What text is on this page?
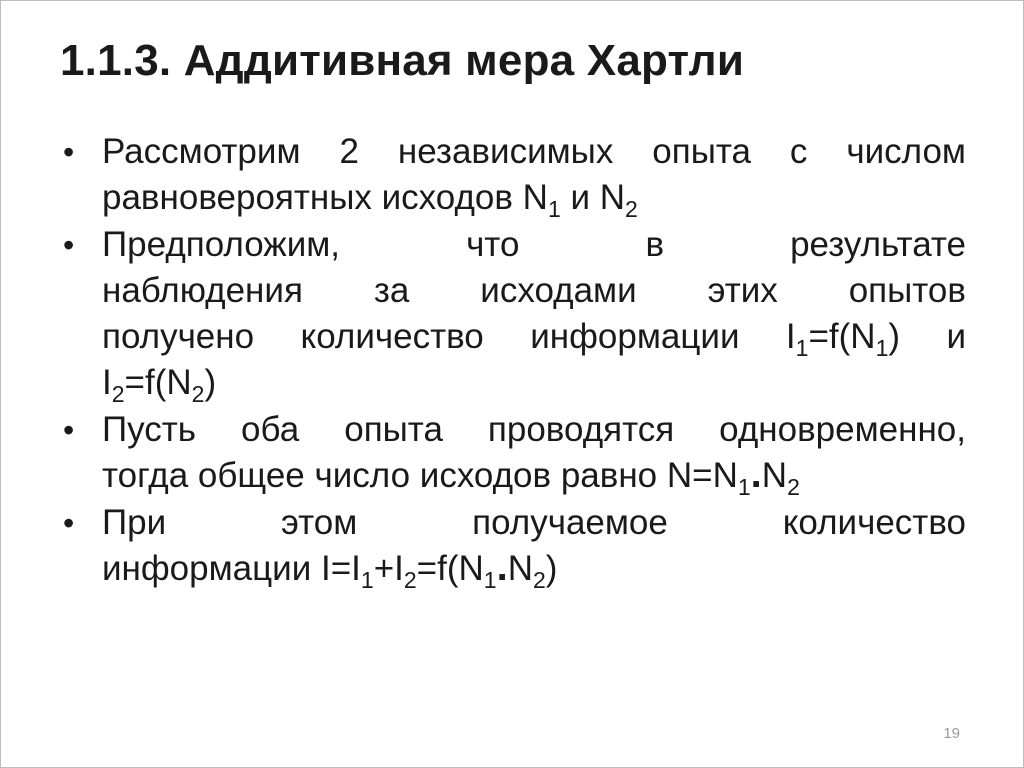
1.1.3. Аддитивная мера Хартли
• Рассмотрим 2 независимых опыта с числом
равновероятных исходов $N_1$ и $N_2$
• Предположим, что в результате
наблюдения за исходами этих опытов
получено количество информации $I_1=f(N_1)$ и
$I_2=f(N_2)$
• Пусть оба опыта проводятся одновременно,
тогда общее число исходов равно $N=N_1.N_2$
• При этом получаемое количество
информации $I=I_1+I_2=f(N_1.N_2)$
19
